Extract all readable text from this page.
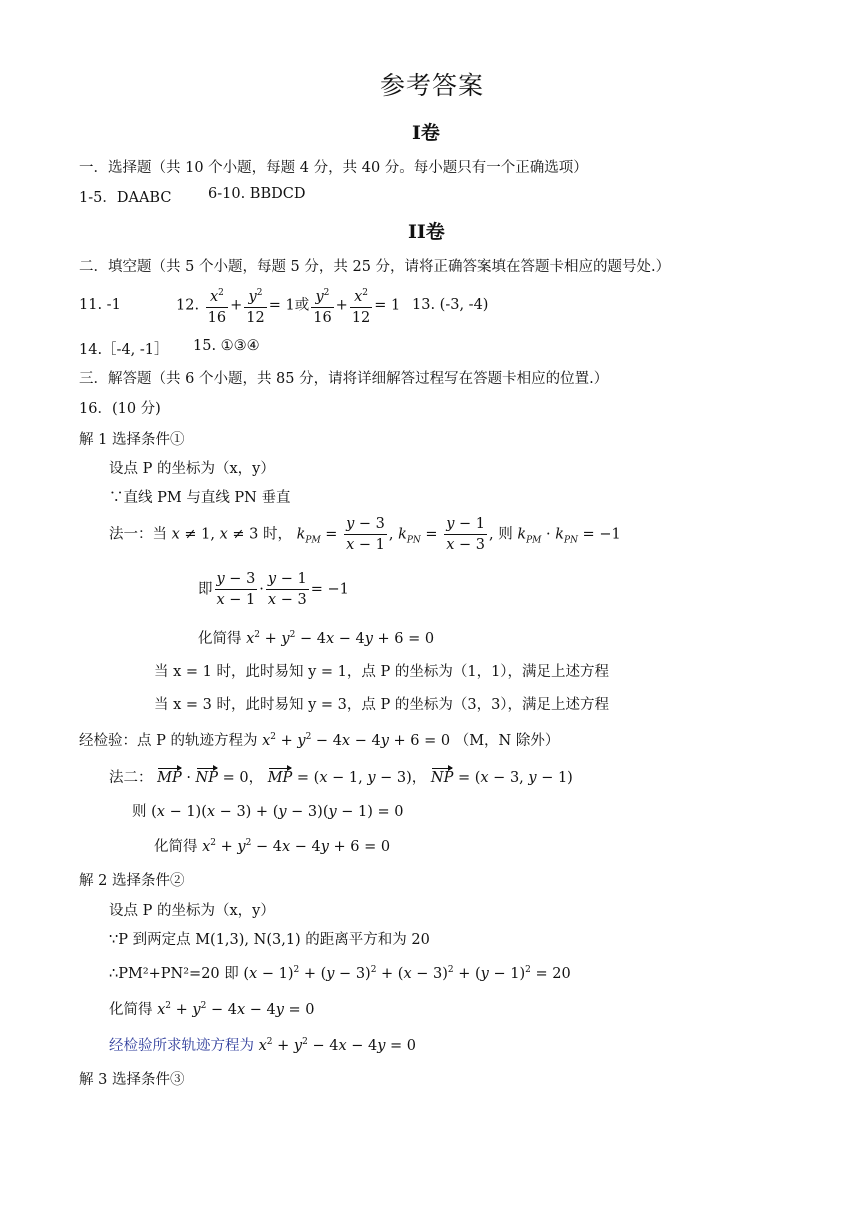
参考答案
I卷
一．选择题（共 10 个小题，每题 4 分，共 40 分。每小题只有一个正确选项）
1-5．DAABC	6-10. BBDCD
II卷
二．填空题（共 5 个小题，每题 5 分，共 25 分，请将正确答案填在答题卡相应的题号处.）
11. -1	12. $\frac{x^2}{16} + \frac{y^2}{12} = 1$或 $\frac{y^2}{16} + \frac{x^2}{12} = 1$ 13. (-3, -4)
14.［-4, -1］ 15. ①③④
三．解答题（共 6 个小题，共 85 分，请将详细解答过程写在答题卡相应的位置.）
16．(10 分)
解 1 选择条件①
设点 P 的坐标为（x，y）
∵直线 PM 与直线 PN 垂直
法一：当 x ≠ 1, x ≠ 3 时， $k_{PM} = \frac{y - 3}{x - 1}$ , $k_{PN} = \frac{y - 1}{x - 3}$ , 则 $k_{PM} \cdot k_{PN} = -1$
即 $\frac{y - 3}{x - 1} \cdot \frac{y - 1}{x - 3} = -1$
化简得 $x^2 + y^2 - 4x - 4y + 6 = 0$
当 x = 1 时，此时易知 y = 1，点 P 的坐标为（1，1），满足上述方程
当 x = 3 时，此时易知 y = 3，点 P 的坐标为（3，3），满足上述方程
经检验：点 P 的轨迹方程为 $x^2 + y^2 - 4x - 4y + 6 = 0$ （M，N 除外）
法二： MP · NP = 0， MP = (x − 1, y − 3)， NP = (x − 3, y − 1)
则 (x − 1)(x − 3) + (y − 3)(y − 1) = 0
化简得 $x^2 + y^2 - 4x - 4y + 6 = 0$
解 2 选择条件②
设点 P 的坐标为（x，y）
∵P 到两定点 M(1,3), N(3,1) 的距离平方和为 20
∴PM²+PN²=20 即 $(x - 1)^2 + (y - 3)^2 + (x - 3)^2 + (y - 1)^2 = 20$
化简得 $x^2 + y^2 - 4x - 4y = 0$
经检验所求轨迹方程为 $x^2 + y^2 - 4x - 4y = 0$
解 3 选择条件③
